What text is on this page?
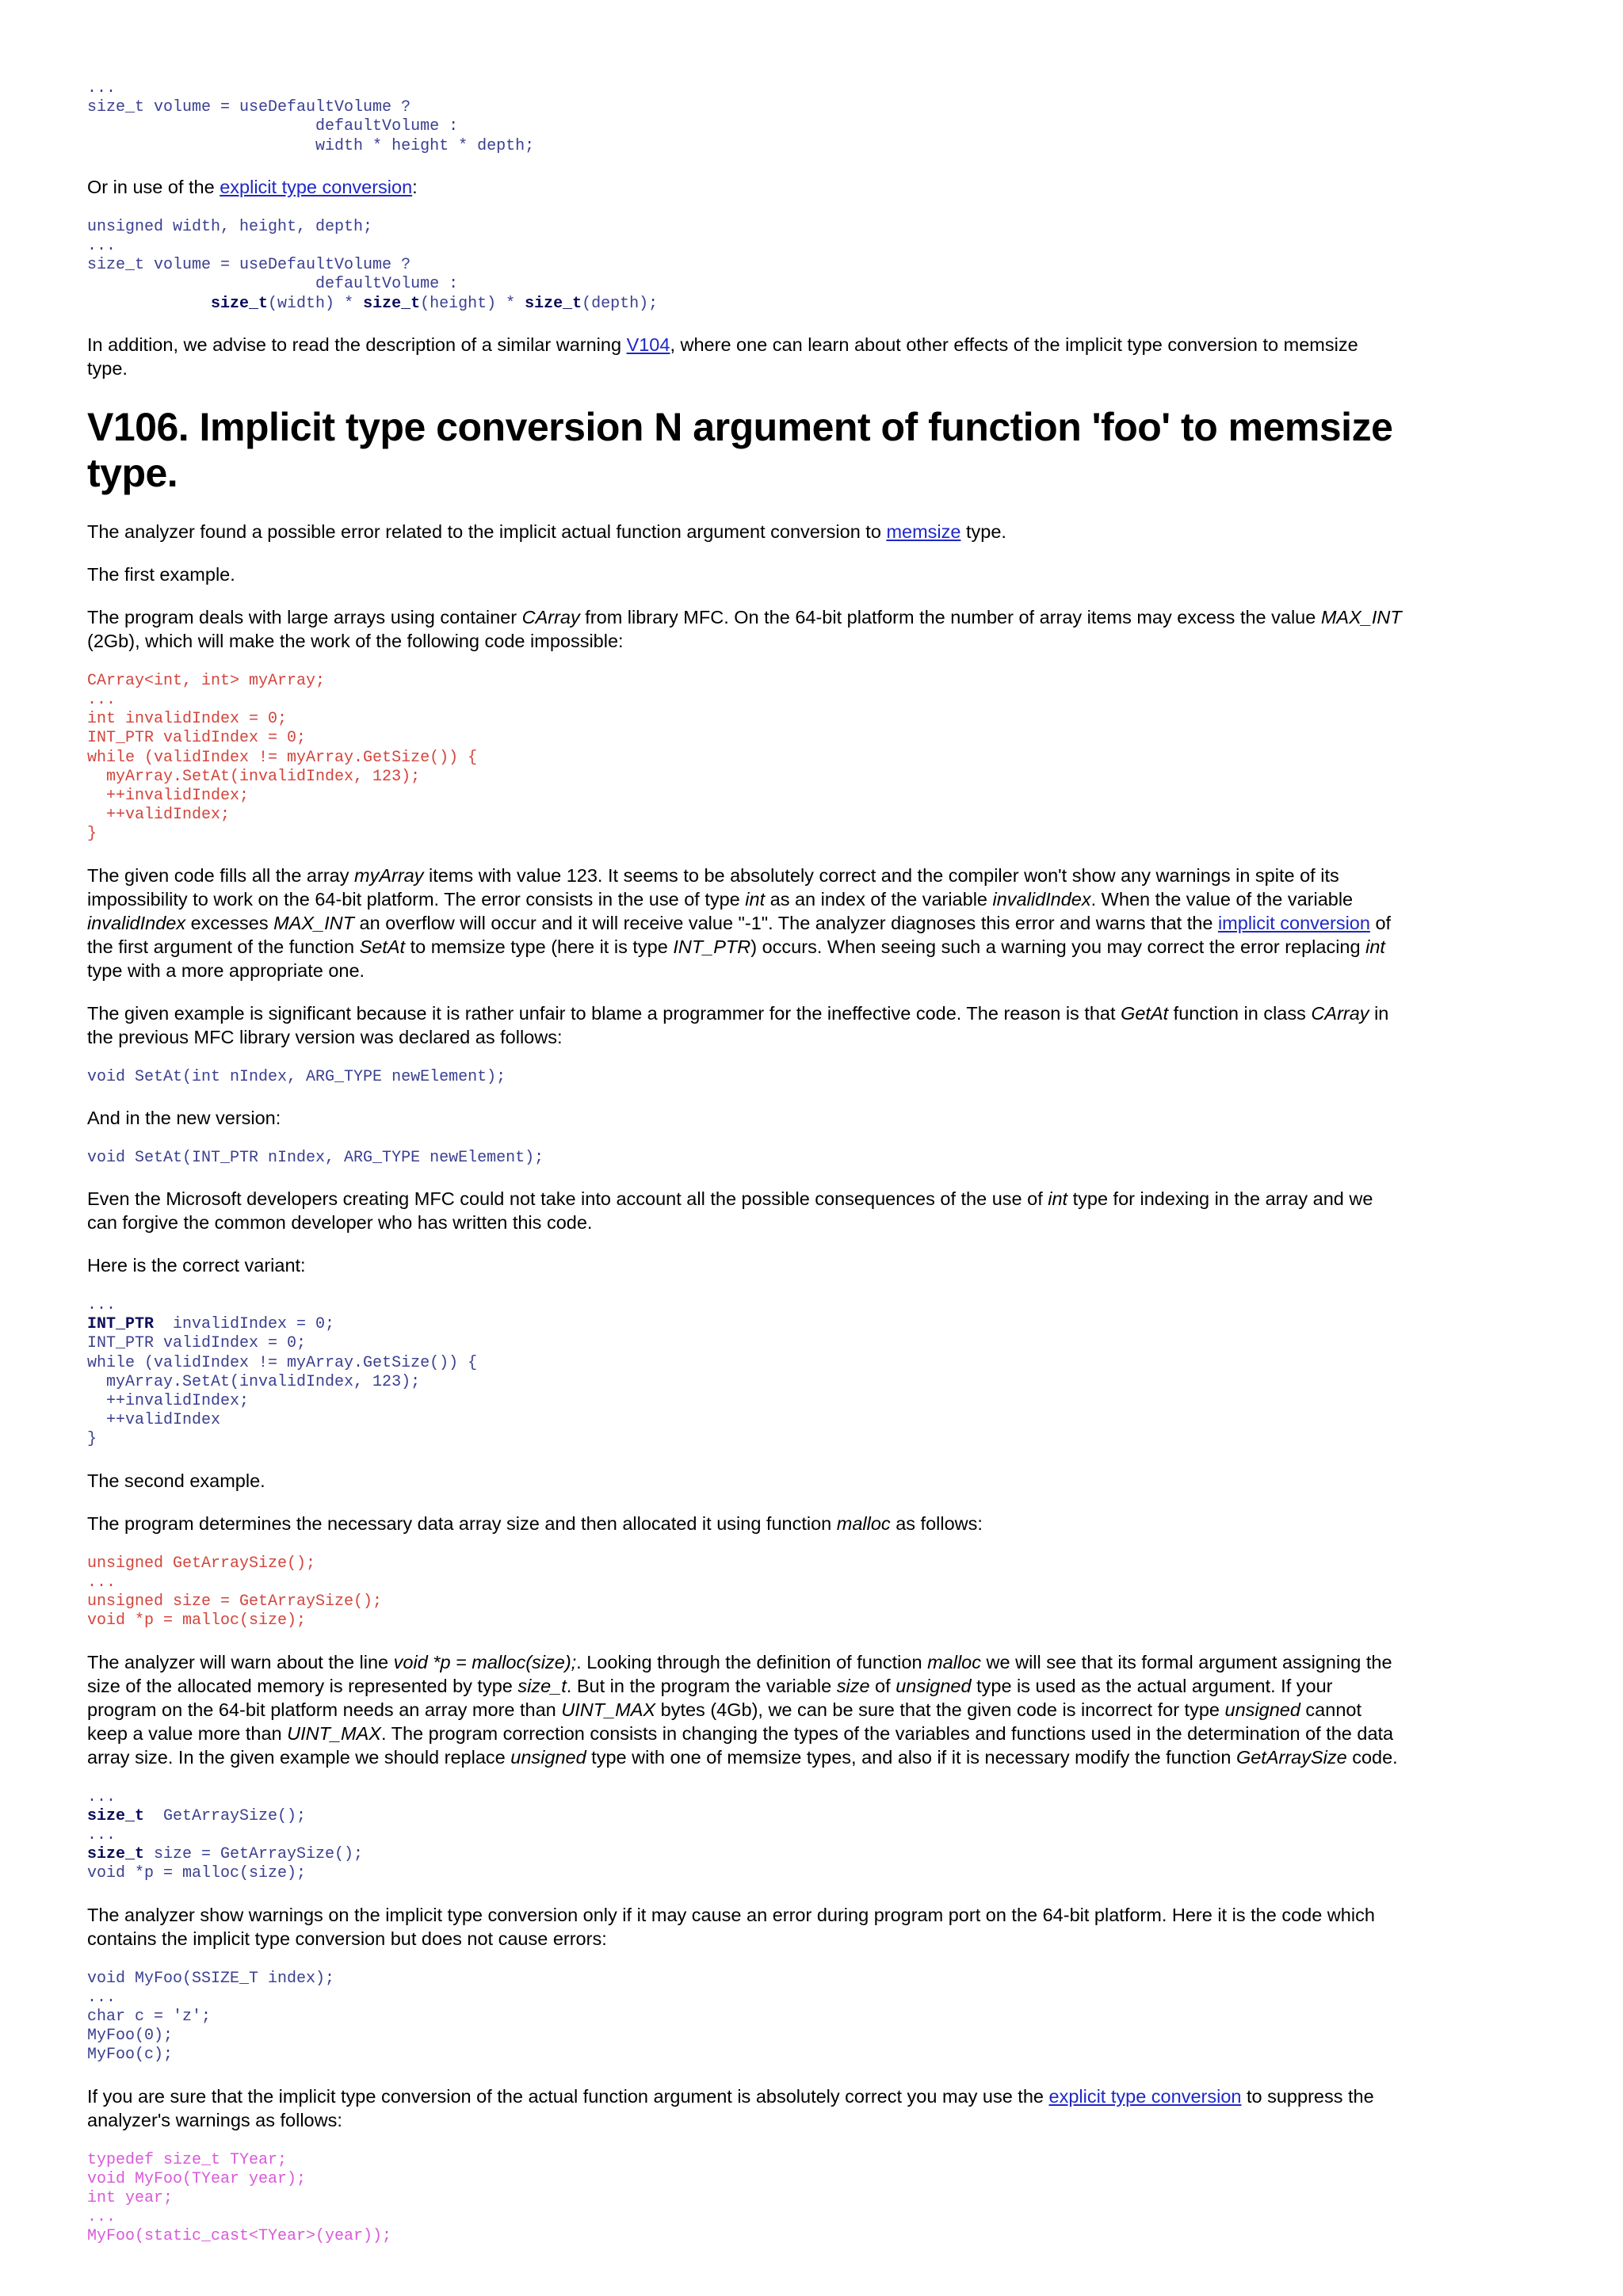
...
size_t volume = useDefaultVolume ?
defaultVolume :
width * height * depth;

Or in use of the explicit type conversion:

unsigned width, height, depth;
...
size_t volume = useDefaultVolume ?
defaultVolume :
size_t(width) * size_t(height) * size_t(depth);

In addition, we advise to read the description of a similar warning V104, where one can learn about other effects of the implicit type conversion to memsize type.

V106. Implicit type conversion N argument of function 'foo' to memsize type.

The analyzer found a possible error related to the implicit actual function argument conversion to memsize type.

The first example.

The program deals with large arrays using container CArray from library MFC. On the 64-bit platform the number of array items may excess the value MAX_INT (2Gb), which will make the work of the following code impossible:

CArray<int, int> myArray;
...
int invalidIndex = 0;
INT_PTR validIndex = 0;
while (validIndex != myArray.GetSize()) {
myArray.SetAt(invalidIndex, 123);
++invalidIndex;
++validIndex;
}

The given code fills all the array myArray items with value 123. It seems to be absolutely correct and the compiler won't show any warnings in spite of its impossibility to work on the 64-bit platform. The error consists in the use of type int as an index of the variable invalidIndex. When the value of the variable invalidIndex excesses MAX_INT an overflow will occur and it will receive value "-1". The analyzer diagnoses this error and warns that the implicit conversion of the first argument of the function SetAt to memsize type (here it is type INT_PTR) occurs. When seeing such a warning you may correct the error replacing int type with a more appropriate one.

The given example is significant because it is rather unfair to blame a programmer for the ineffective code. The reason is that GetAt function in class CArray in the previous MFC library version was declared as follows:

void SetAt(int nIndex, ARG_TYPE newElement);

And in the new version:

void SetAt(INT_PTR nIndex, ARG_TYPE newElement);

Even the Microsoft developers creating MFC could not take into account all the possible consequences of the use of int type for indexing in the array and we can forgive the common developer who has written this code.

Here is the correct variant:

...
INT_PTR  invalidIndex = 0;
INT_PTR validIndex = 0;
while (validIndex != myArray.GetSize()) {
myArray.SetAt(invalidIndex, 123);
++invalidIndex;
++validIndex
}

The second example.

The program determines the necessary data array size and then allocated it using function malloc as follows:

unsigned GetArraySize();
...
unsigned size = GetArraySize();
void *p = malloc(size);

The analyzer will warn about the line void *p = malloc(size);. Looking through the definition of function malloc we will see that its formal argument assigning the size of the allocated memory is represented by type size_t. But in the program the variable size of unsigned type is used as the actual argument. If your program on the 64-bit platform needs an array more than UINT_MAX bytes (4Gb), we can be sure that the given code is incorrect for type unsigned cannot keep a value more than UINT_MAX. The program correction consists in changing the types of the variables and functions used in the determination of the data array size. In the given example we should replace unsigned type with one of memsize types, and also if it is necessary modify the function GetArraySize code.

...
size_t  GetArraySize();
...
size_t size = GetArraySize();
void *p = malloc(size);

The analyzer show warnings on the implicit type conversion only if it may cause an error during program port on the 64-bit platform. Here it is the code which contains the implicit type conversion but does not cause errors:

void MyFoo(SSIZE_T index);
...
char c = 'z';
MyFoo(0);
MyFoo(c);

If you are sure that the implicit type conversion of the actual function argument is absolutely correct you may use the explicit type conversion to suppress the analyzer's warnings as follows:

typedef size_t TYear;
void MyFoo(TYear year);
int year;
...
MyFoo(static_cast<TYear>(year));
